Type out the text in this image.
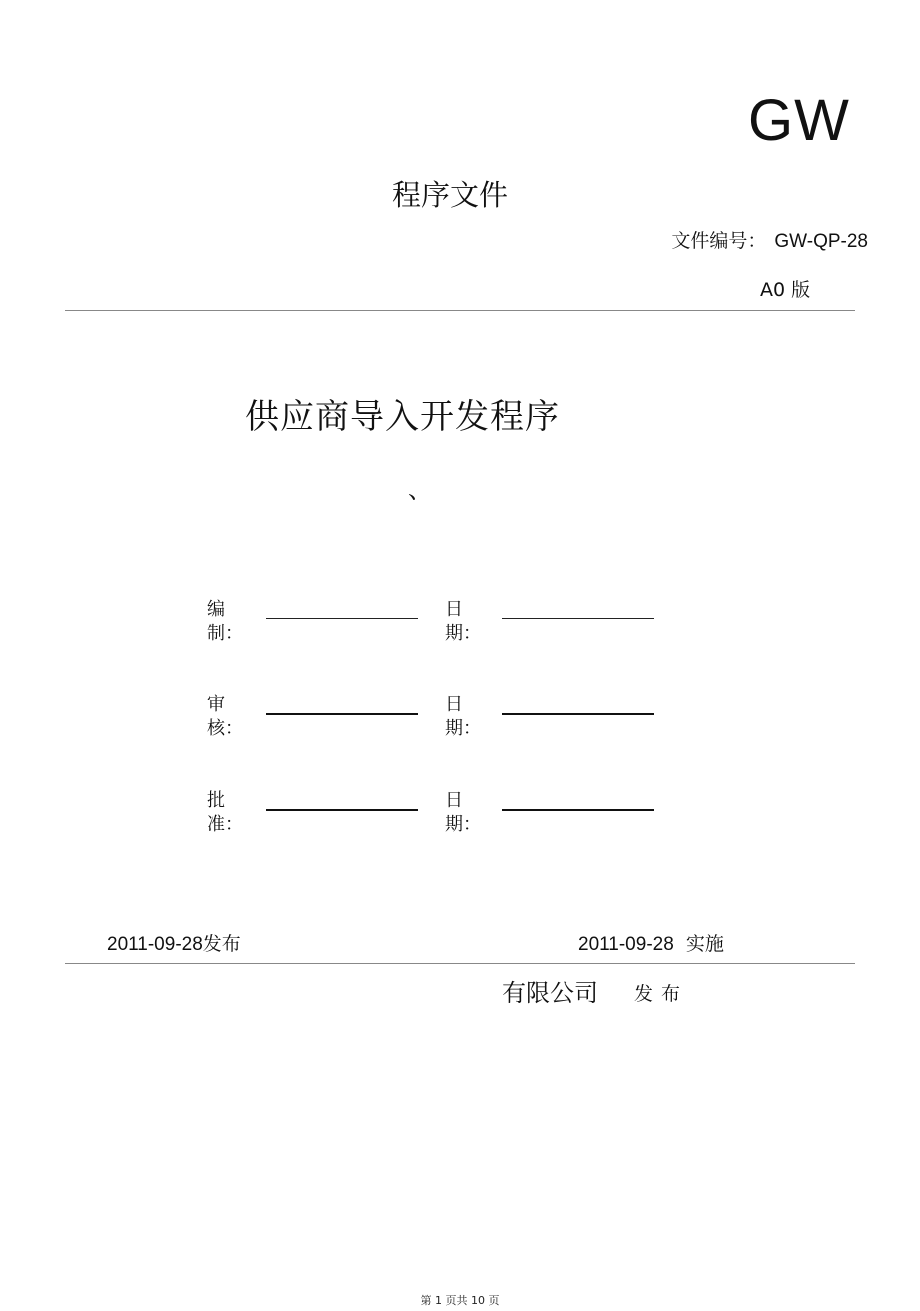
GW
程序文件
文件编号： GW-QP-28
A0 版
供应商导入开发程序
、
编制：
日期：
审核：
日期：
批准：
日期：
2011-09-28发布	2011-09-28 实施
有限公司 发布
第 1 页共 10 页
